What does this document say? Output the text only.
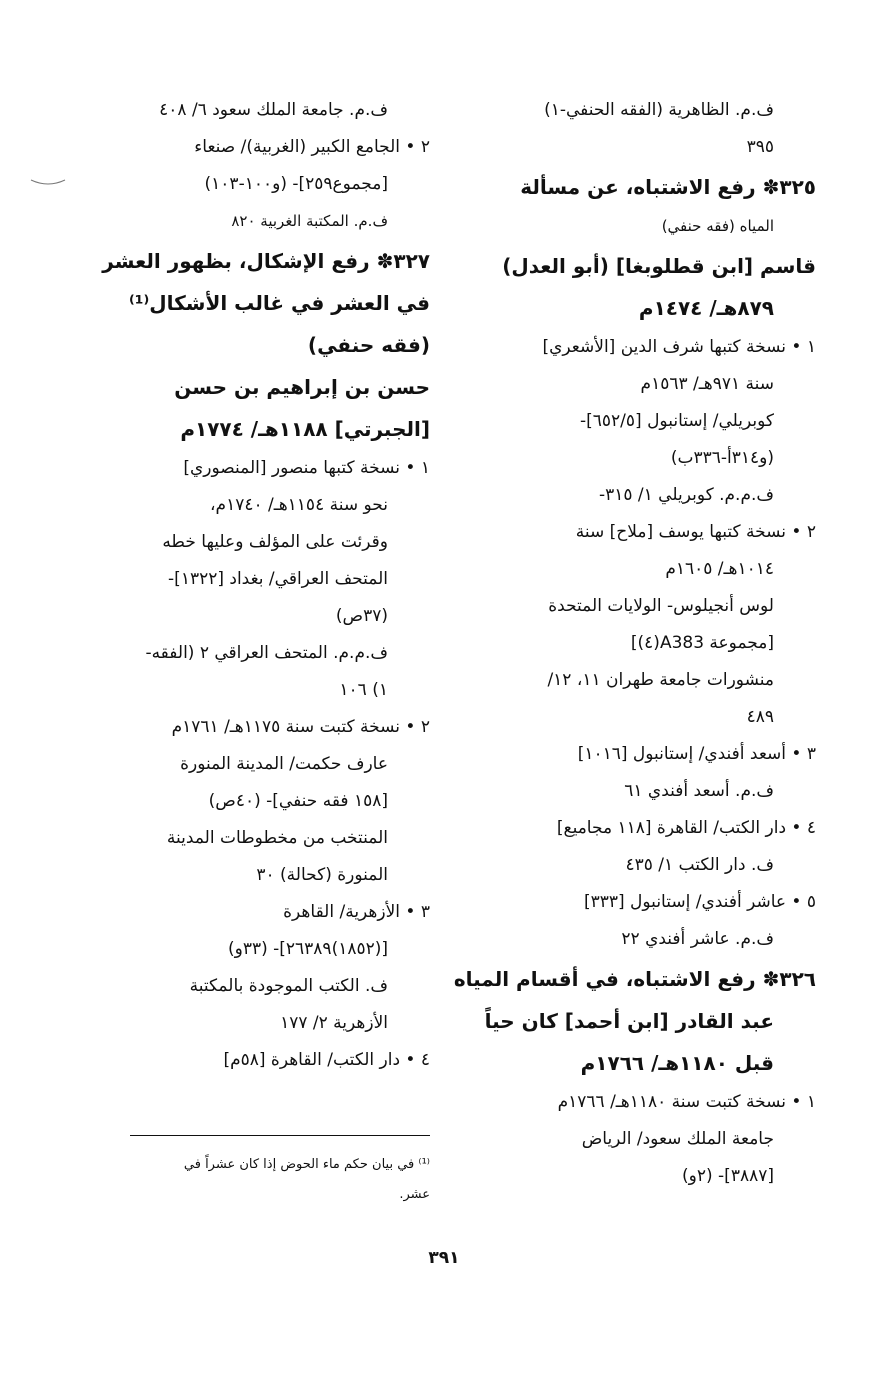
ف.م. الظاهرية (الفقه الحنفي-١)
٣٩٥
٣٢٥✽ رفع الاشتباه، عن مسألة
المياه (فقه حنفي)
قاسم [ابن قطلوبغا] (أبو العدل)
٨٧٩هـ/ ١٤٧٤م
١ • نسخة كتبها شرف الدين [الأشعري]
سنة ٩٧١هـ/ ١٥٦٣م
كوبريلي/ إستانبول [٦٥٢/٥]-
(و٣١٤أ-٣٣٦ب)
ف.م.م. كوبريلي ١/ ٣١٥-
٢ • نسخة كتبها يوسف [ملاح] سنة
١٠١٤هـ/ ١٦٠٥م
لوس أنجيلوس- الولايات المتحدة
[مجموعة A383(٤)]
منشورات جامعة طهران ١١، ١٢/
٤٨٩
٣ • أسعد أفندي/ إستانبول [١٠١٦]
ف.م. أسعد أفندي ٦١
٤ • دار الكتب/ القاهرة [١١٨ مجاميع]
ف. دار الكتب ١/ ٤٣٥
٥ • عاشر أفندي/ إستانبول [٣٣٣]
ف.م. عاشر أفندي ٢٢
٣٢٦✽ رفع الاشتباه، في أقسام المياه
عبد القادر [ابن أحمد] كان حياً
قبل ١١٨٠هـ/ ١٧٦٦م
١ • نسخة كتبت سنة ١١٨٠هـ/ ١٧٦٦م
جامعة الملك سعود/ الرياض
[٣٨٨٧]- (٢و)
ف.م. جامعة الملك سعود ٦/ ٤٠٨
٢ • الجامع الكبير (الغربية)/ صنعاء
[مجموع٢٥٩]- (و١٠٠-١٠٣)
ف.م. المكتبة الغربية ٨٢٠
٣٢٧✽ رفع الإشكال، بظهور العشر
في العشر في غالب الأشكال⁽¹⁾
(فقه حنفي)
حسن بن إبراهيم بن حسن
[الجبرتي] ١١٨٨هـ/ ١٧٧٤م
١ • نسخة كتبها منصور [المنصوري]
نحو سنة ١١٥٤هـ/ ١٧٤٠م،
وقرئت على المؤلف وعليها خطه
المتحف العراقي/ بغداد [١٣٢٢]-
(٣٧ص)
ف.م.م. المتحف العراقي ٢ (الفقه-
١) ١٠٦
٢ • نسخة كتبت سنة ١١٧٥هـ/ ١٧٦١م
عارف حكمت/ المدينة المنورة
[١٥٨ فقه حنفي]- (٤٠ص)
المنتخب من مخطوطات المدينة
المنورة (كحالة) ٣٠
٣ • الأزهرية/ القاهرة
[(١٨٥٢)٢٦٣٨٩]- (٣٣و)
ف. الكتب الموجودة بالمكتبة
الأزهرية ٢/ ١٧٧
٤ • دار الكتب/ القاهرة [٥٨م]
⁽¹⁾ في بيان حكم ماء الحوض إذا كان عشراً في
عشر.
٣٩١
